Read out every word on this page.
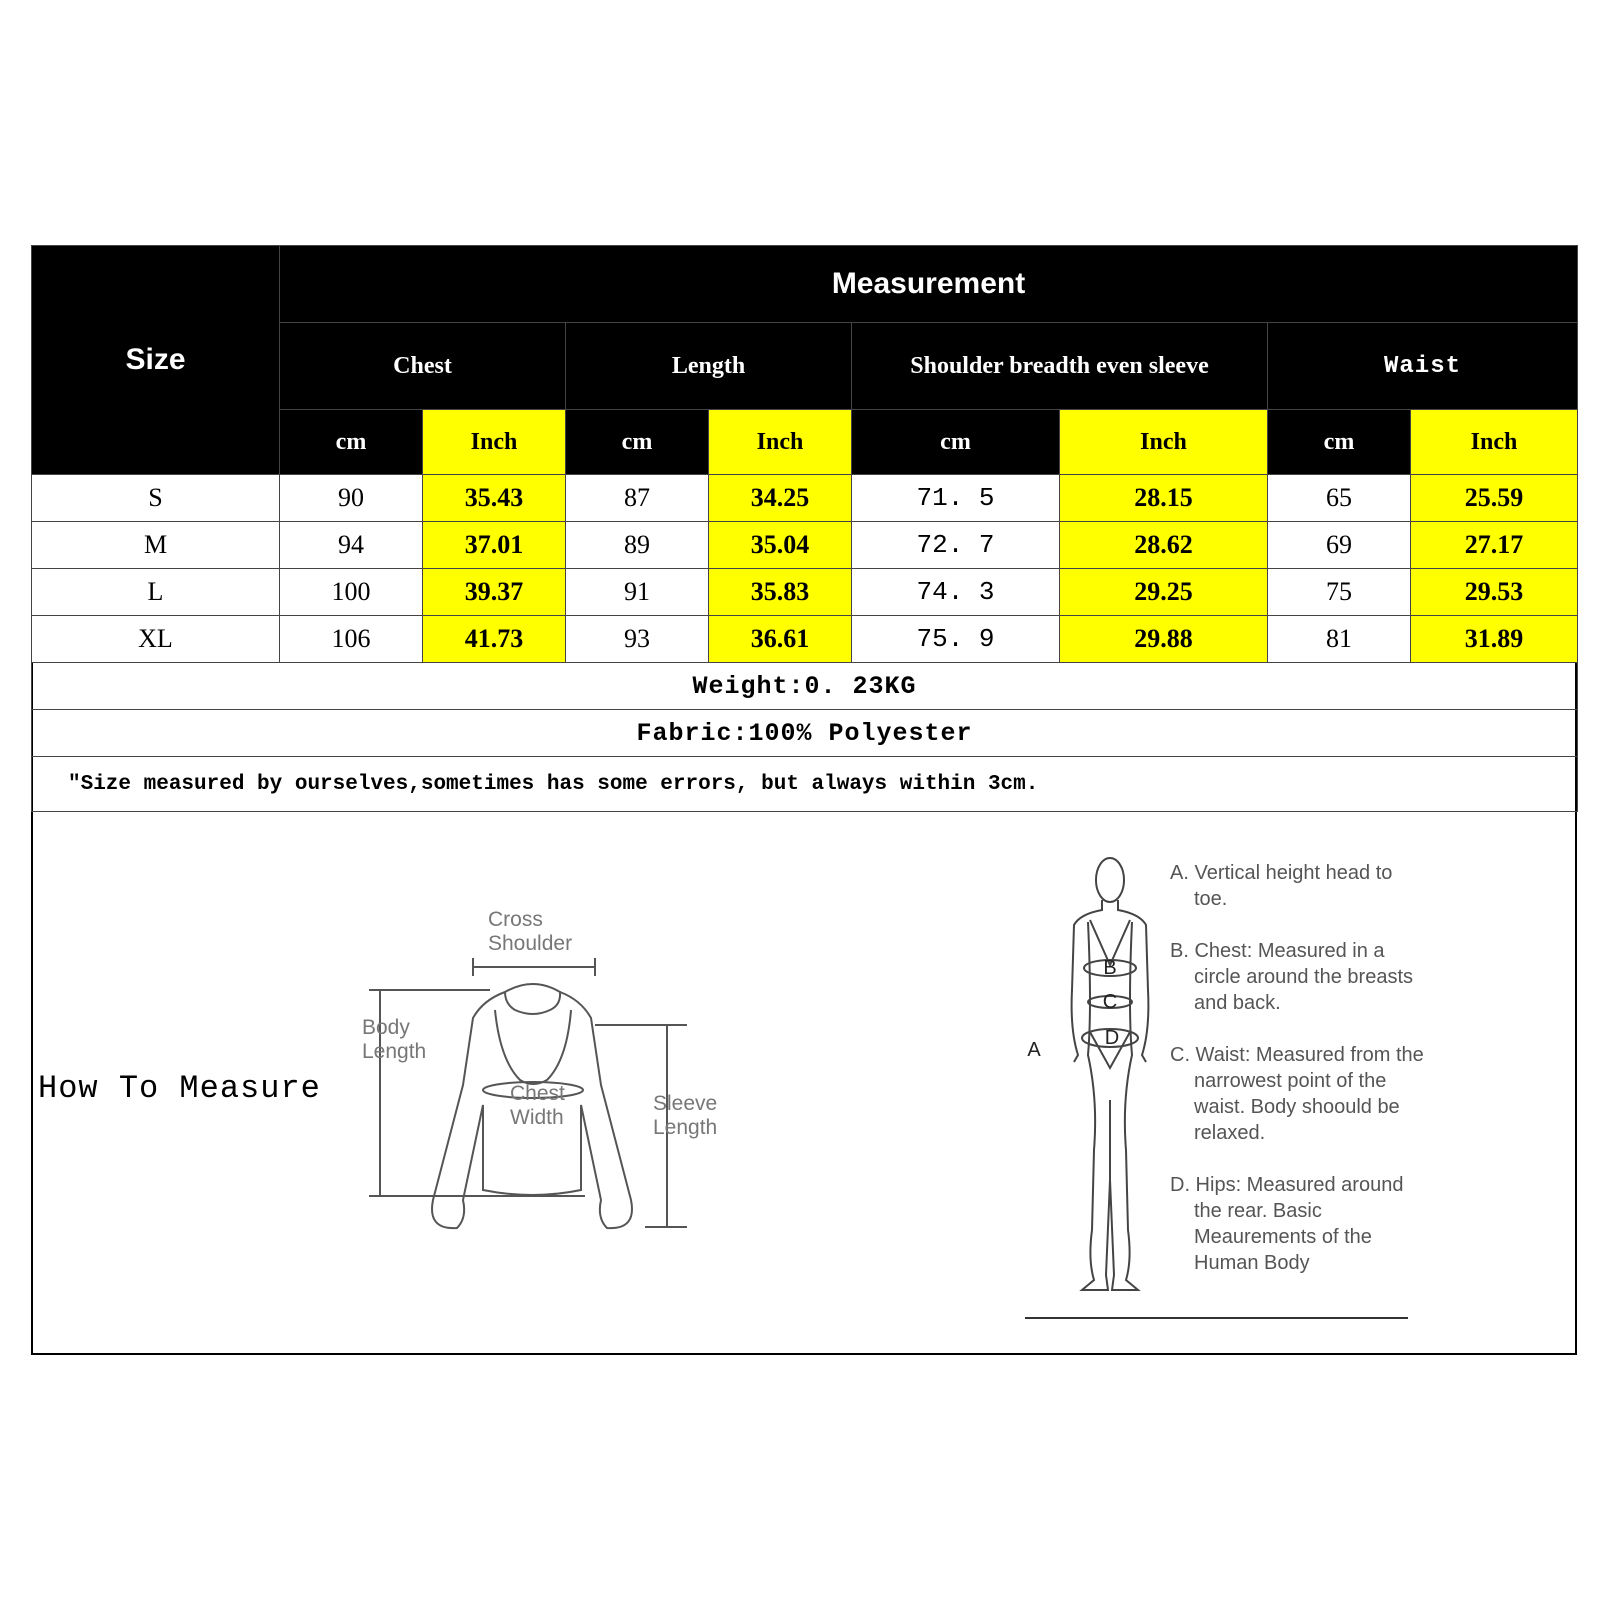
Size	Measurement							
	Chest		Length		Shoulder breadth even sleeve		Waist	
	cm	Inch	cm	Inch	cm	Inch	cm	Inch
S	90	35.43	87	34.25	71. 5	28.15	65	25.59
M	94	37.01	89	35.04	72. 7	28.62	69	27.17
L	100	39.37	91	35.83	74. 3	29.25	75	29.53
XL	106	41.73	93	36.61	75. 9	29.88	81	31.89
Weight:0. 23KG								
Fabric:100% Polyester								
"Size measured by ourselves,sometimes has some errors, but always within 3cm.								
How To Measure
Cross
Shoulder
Body
Length
Chest
Width
Sleeve
Length
B
C
D
A

A. Vertical height head to toe.

B. Chest: Measured in a circle around the breasts and back.

C. Waist: Measured from the narrowest point of the waist. Body shoould be relaxed.

D. Hips: Measured around the rear. Basic Meaurements of the Human Body
